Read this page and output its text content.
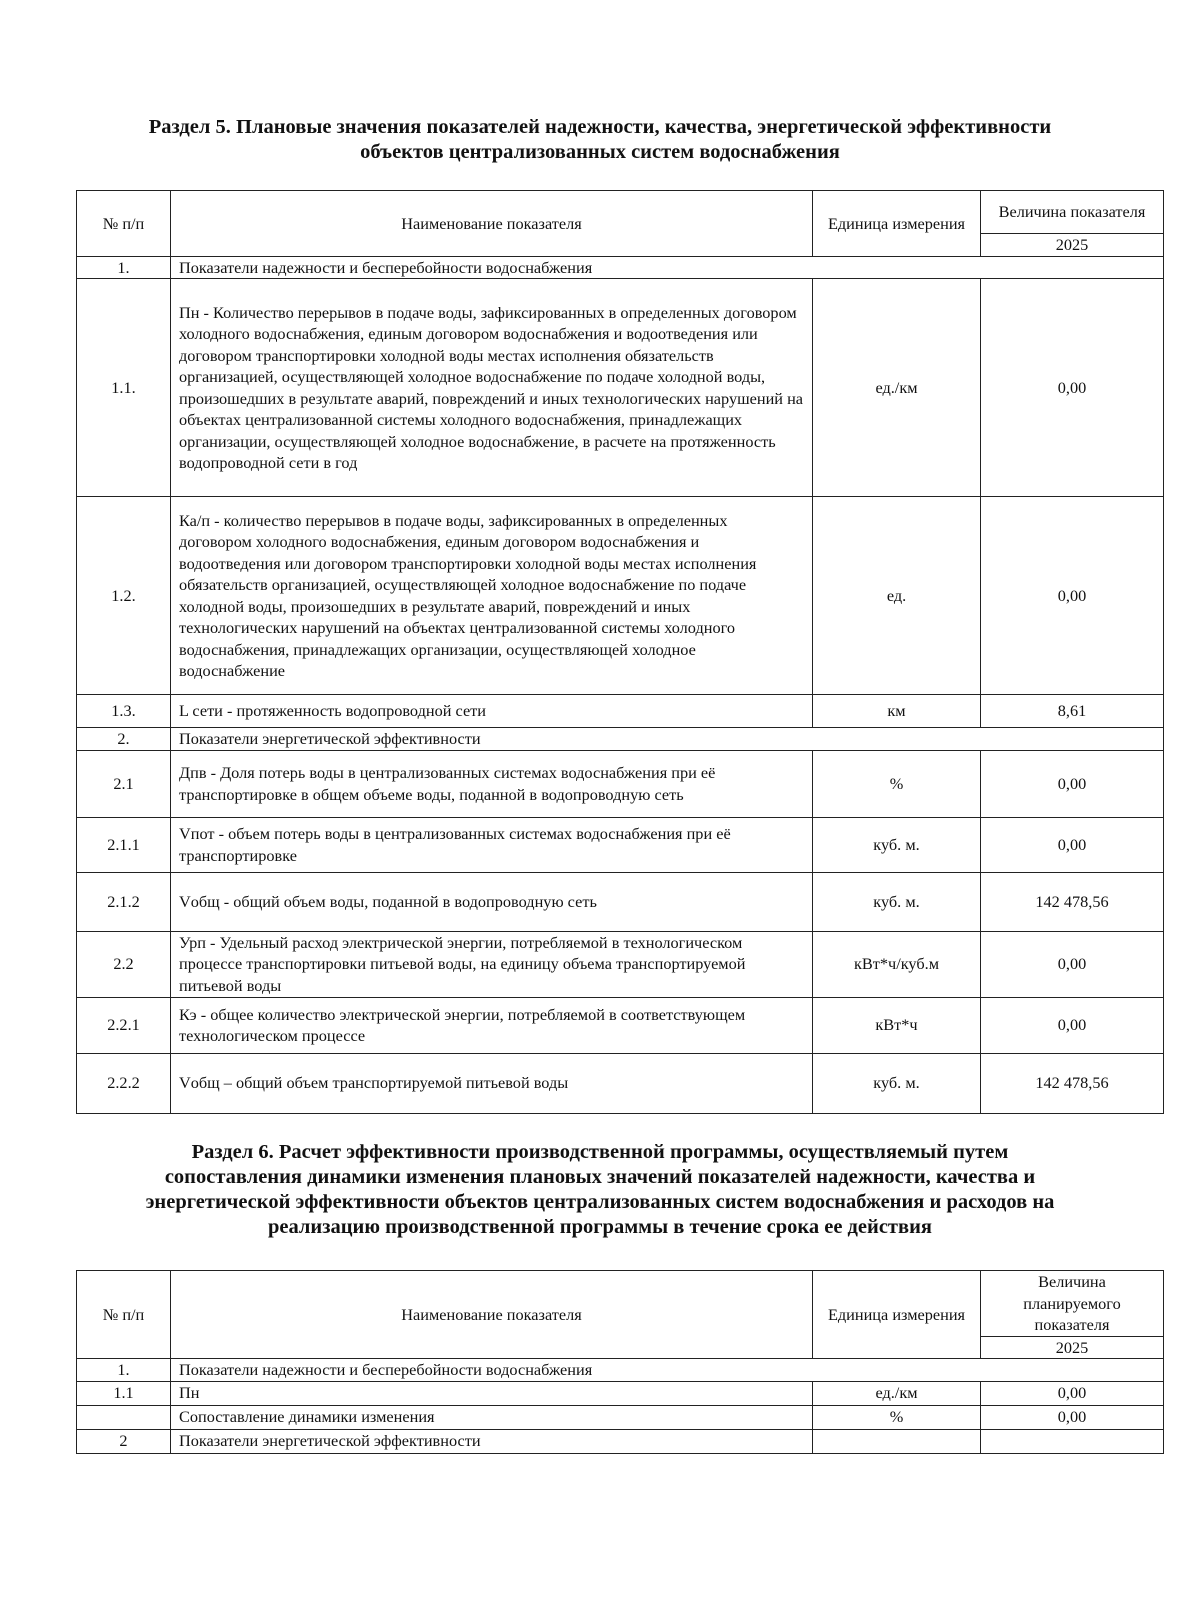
Раздел 5. Плановые значения показателей надежности, качества, энергетической эффективности
объектов централизованных систем водоснабжения
№ п/п	Наименование показателя	Единица измерения	Величина показателя
			2025
1.	Показатели надежности и бесперебойности водоснабжения		
1.1.	Пн - Количество перерывов в подаче воды, зафиксированных в определенных договором холодного водоснабжения, единым договором водоснабжения и водоотведения или договором транспортировки холодной воды местах исполнения обязательств организацией, осуществляющей холодное водоснабжение по подаче холодной воды, произошедших в результате аварий, повреждений и иных технологических нарушений на объектах централизованной системы холодного водоснабжения, принадлежащих организации, осуществляющей холодное водоснабжение, в расчете на протяженность водопроводной сети в год	ед./км	0,00
1.2.	Ка/п - количество перерывов в подаче воды, зафиксированных в определенных договором холодного водоснабжения, единым договором водоснабжения и водоотведения или договором транспортировки холодной воды местах исполнения обязательств организацией, осуществляющей холодное водоснабжение по подаче холодной воды, произошедших в результате аварий, повреждений и иных технологических нарушений на объектах централизованной системы холодного водоснабжения, принадлежащих организации, осуществляющей холодное водоснабжение	ед.	0,00
1.3.	L сети - протяженность водопроводной сети	км	8,61
2.	Показатели энергетической эффективности		
2.1	Дпв - Доля потерь воды в централизованных системах водоснабжения при её транспортировке в общем объеме воды, поданной в водопроводную сеть	%	0,00
2.1.1	Vпот - объем потерь воды в централизованных системах водоснабжения при её транспортировке	куб. м.	0,00
2.1.2	Vобщ - общий объем воды, поданной в водопроводную сеть	куб. м.	142 478,56
2.2	Урп - Удельный расход электрической энергии, потребляемой в технологическом процессе транспортировки питьевой воды, на единицу объема транспортируемой питьевой воды	кВт*ч/куб.м	0,00
2.2.1	Кэ - общее количество электрической энергии, потребляемой в соответствующем технологическом процессе	кВт*ч	0,00
2.2.2	Vобщ – общий объем транспортируемой питьевой воды	куб. м.	142 478,56
Раздел 6. Расчет эффективности производственной программы, осуществляемый путем
сопоставления динамики изменения плановых значений показателей надежности, качества и
энергетической эффективности объектов централизованных систем водоснабжения и расходов на
реализацию производственной программы в течение срока ее действия
№ п/п	Наименование показателя	Единица измерения	Величина планируемого показателя
			2025
1.	Показатели надежности и бесперебойности водоснабжения		
1.1	Пн	ед./км	0,00
	Сопоставление динамики изменения	%	0,00
2	Показатели энергетической эффективности		
